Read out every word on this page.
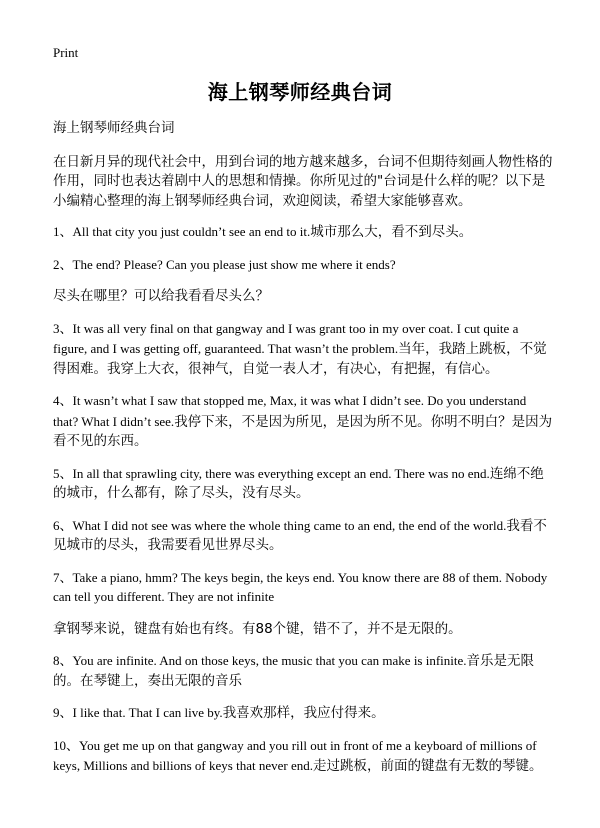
Print
海上钢琴师经典台词

海上钢琴师经典台词

在日新月异的现代社会中，用到台词的地方越来越多，台词不但期待刻画人物性格的作用，同时也表达着剧中人的思想和情操。你所见过的"台词是什么样的呢？以下是小编精心整理的海上钢琴师经典台词，欢迎阅读，希望大家能够喜欢。

1、All that city you just couldn’t see an end to it.城市那么大，看不到尽头。

2、The end? Please? Can you please just show me where it ends?
尽头在哪里？可以给我看看尽头么？

3、It was all very final on that gangway and I was grant too in my over coat. I cut quite a figure, and I was getting off, guaranteed. That wasn’t the problem.当年，我踏上跳板，不觉得困难。我穿上大衣，很神气，自觉一表人才，有决心，有把握，有信心。

4、It wasn’t what I saw that stopped me, Max, it was what I didn’t see. Do you understand that? What I didn’t see.我停下来，不是因为所见，是因为所不见。你明不明白？是因为看不见的东西。

5、In all that sprawling city, there was everything except an end. There was no end.连绵不绝的城市，什么都有，除了尽头，没有尽头。

6、What I did not see was where the whole thing came to an end, the end of the world.我看不见城市的尽头，我需要看见世界尽头。

7、Take a piano, hmm? The keys begin, the keys end. You know there are 88 of them. Nobody can tell you different. They are not infinite
拿钢琴来说，键盘有始也有终。有88个键，错不了，并不是无限的。

8、You are infinite. And on those keys, the music that you can make is infinite.音乐是无限的。在琴键上，奏出无限的音乐

9、I like that. That I can live by.我喜欢那样，我应付得来。

10、You get me up on that gangway and you rill out in front of me a keyboard of millions of keys, Millions and billions of keys that never end.走过跳板，前面的键盘有无数的琴键。
